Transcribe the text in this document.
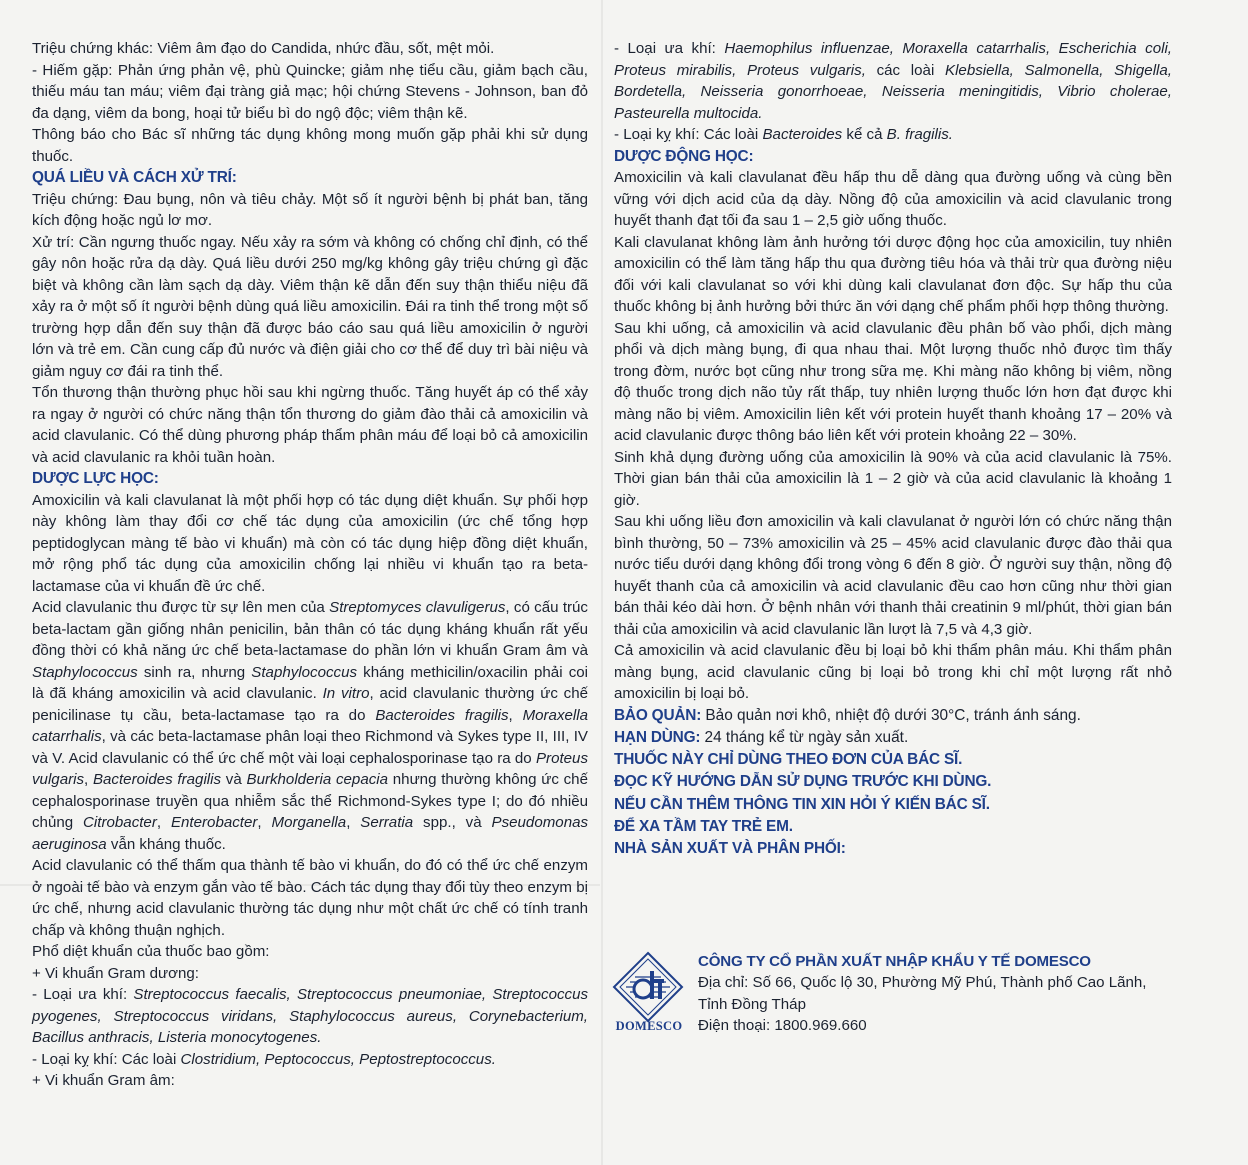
Triệu chứng khác: Viêm âm đạo do Candida, nhức đầu, sốt, mệt mỏi.

- Hiếm gặp: Phản ứng phản vệ, phù Quincke; giảm nhẹ tiểu cầu, giảm bạch cầu, thiếu máu tan máu; viêm đại tràng giả mạc; hội chứng Stevens - Johnson, ban đỏ đa dạng, viêm da bong, hoại tử biểu bì do ngộ độc; viêm thận kẽ.

Thông báo cho Bác sĩ những tác dụng không mong muốn gặp phải khi sử dụng thuốc.

QUÁ LIỀU VÀ CÁCH XỬ TRÍ:

Triệu chứng: Đau bụng, nôn và tiêu chảy. Một số ít người bệnh bị phát ban, tăng kích động hoặc ngủ lơ mơ.

Xử trí: Cần ngưng thuốc ngay. Nếu xảy ra sớm và không có chống chỉ định, có thể gây nôn hoặc rửa dạ dày. Quá liều dưới 250 mg/kg không gây triệu chứng gì đặc biệt và không cần làm sạch dạ dày. Viêm thận kẽ dẫn đến suy thận thiểu niệu đã xảy ra ở một số ít người bệnh dùng quá liều amoxicilin. Đái ra tinh thể trong một số trường hợp dẫn đến suy thận đã được báo cáo sau quá liều amoxicilin ở người lớn và trẻ em. Cần cung cấp đủ nước và điện giải cho cơ thể để duy trì bài niệu và giảm nguy cơ đái ra tinh thể.

Tổn thương thận thường phục hồi sau khi ngừng thuốc. Tăng huyết áp có thể xảy ra ngay ở người có chức năng thận tổn thương do giảm đào thải cả amoxicilin và acid clavulanic. Có thể dùng phương pháp thẩm phân máu để loại bỏ cả amoxicilin và acid clavulanic ra khỏi tuần hoàn.

DƯỢC LỰC HỌC:

Amoxicilin và kali clavulanat là một phối hợp có tác dụng diệt khuẩn. Sự phối hợp này không làm thay đổi cơ chế tác dụng của amoxicilin (ức chế tổng hợp peptidoglycan màng tế bào vi khuẩn) mà còn có tác dụng hiệp đồng diệt khuẩn, mở rộng phổ tác dụng của amoxicilin chống lại nhiều vi khuẩn tạo ra beta-lactamase của vi khuẩn đề ức chế.

Acid clavulanic thu được từ sự lên men của Streptomyces clavuligerus, có cấu trúc beta-lactam gần giống nhân penicilin, bản thân có tác dụng kháng khuẩn rất yếu đồng thời có khả năng ức chế beta-lactamase do phần lớn vi khuẩn Gram âm và Staphylococcus sinh ra, nhưng Staphylococcus kháng methicilin/oxacilin phải coi là đã kháng amoxicilin và acid clavulanic. In vitro, acid clavulanic thường ức chế penicilinase tụ cầu, beta-lactamase tạo ra do Bacteroides fragilis, Moraxella catarrhalis, và các beta-lactamase phân loại theo Richmond và Sykes type II, III, IV và V. Acid clavulanic có thể ức chế một vài loại cephalosporinase tạo ra do Proteus vulgaris, Bacteroides fragilis và Burkholderia cepacia nhưng thường không ức chế cephalosporinase truyền qua nhiễm sắc thể Richmond-Sykes type I; do đó nhiều chủng Citrobacter, Enterobacter, Morganella, Serratia spp., và Pseudomonas aeruginosa vẫn kháng thuốc.

Acid clavulanic có thể thấm qua thành tế bào vi khuẩn, do đó có thể ức chế enzym ở ngoài tế bào và enzym gắn vào tế bào. Cách tác dụng thay đổi tùy theo enzym bị ức chế, nhưng acid clavulanic thường tác dụng như một chất ức chế có tính tranh chấp và không thuận nghịch.

Phổ diệt khuẩn của thuốc bao gồm:

+ Vi khuẩn Gram dương:

- Loại ưa khí: Streptococcus faecalis, Streptococcus pneumoniae, Streptococcus pyogenes, Streptococcus viridans, Staphylococcus aureus, Corynebacterium, Bacillus anthracis, Listeria monocytogenes.

- Loại kỵ khí: Các loài Clostridium, Peptococcus, Peptostreptococcus.

+ Vi khuẩn Gram âm:

- Loại ưa khí: Haemophilus influenzae, Moraxella catarrhalis, Escherichia coli, Proteus mirabilis, Proteus vulgaris, các loài Klebsiella, Salmonella, Shigella, Bordetella, Neisseria gonorrhoeae, Neisseria meningitidis, Vibrio cholerae, Pasteurella multocida.

- Loại kỵ khí: Các loài Bacteroides kể cả B. fragilis.

DƯỢC ĐỘNG HỌC:

Amoxicilin và kali clavulanat đều hấp thu dễ dàng qua đường uống và cùng bền vững với dịch acid của dạ dày. Nồng độ của amoxicilin và acid clavulanic trong huyết thanh đạt tối đa sau 1 – 2,5 giờ uống thuốc.

Kali clavulanat không làm ảnh hưởng tới dược động học của amoxicilin, tuy nhiên amoxicilin có thể làm tăng hấp thu qua đường tiêu hóa và thải trừ qua đường niệu đối với kali clavulanat so với khi dùng kali clavulanat đơn độc. Sự hấp thu của thuốc không bị ảnh hưởng bởi thức ăn với dạng chế phẩm phối hợp thông thường.

Sau khi uống, cả amoxicilin và acid clavulanic đều phân bố vào phổi, dịch màng phổi và dịch màng bụng, đi qua nhau thai. Một lượng thuốc nhỏ được tìm thấy trong đờm, nước bọt cũng như trong sữa mẹ. Khi màng não không bị viêm, nồng độ thuốc trong dịch não tủy rất thấp, tuy nhiên lượng thuốc lớn hơn đạt được khi màng não bị viêm. Amoxicilin liên kết với protein huyết thanh khoảng 17 – 20% và acid clavulanic được thông báo liên kết với protein khoảng 22 – 30%.

Sinh khả dụng đường uống của amoxicilin là 90% và của acid clavulanic là 75%. Thời gian bán thải của amoxicilin là 1 – 2 giờ và của acid clavulanic là khoảng 1 giờ.

Sau khi uống liều đơn amoxicilin và kali clavulanat ở người lớn có chức năng thận bình thường, 50 – 73% amoxicilin và 25 – 45% acid clavulanic được đào thải qua nước tiểu dưới dạng không đổi trong vòng 6 đến 8 giờ. Ở người suy thận, nồng độ huyết thanh của cả amoxicilin và acid clavulanic đều cao hơn cũng như thời gian bán thải kéo dài hơn. Ở bệnh nhân với thanh thải creatinin 9 ml/phút, thời gian bán thải của amoxicilin và acid clavulanic lần lượt là 7,5 và 4,3 giờ.

Cả amoxicilin và acid clavulanic đều bị loại bỏ khi thẩm phân máu. Khi thẩm phân màng bụng, acid clavulanic cũng bị loại bỏ trong khi chỉ một lượng rất nhỏ amoxicilin bị loại bỏ.

BẢO QUẢN: Bảo quản nơi khô, nhiệt độ dưới 30°C, tránh ánh sáng.
HẠN DÙNG: 24 tháng kể từ ngày sản xuất.
THUỐC NÀY CHỈ DÙNG THEO ĐƠN CỦA BÁC SĨ.
ĐỌC KỸ HƯỚNG DẪN SỬ DỤNG TRƯỚC KHI DÙNG.
NẾU CẦN THÊM THÔNG TIN XIN HỎI Ý KIẾN BÁC SĨ.
ĐỂ XA TẦM TAY TRẺ EM.
NHÀ SẢN XUẤT VÀ PHÂN PHỐI:
DOMESCO
CÔNG TY CỔ PHẦN XUẤT NHẬP KHẨU Y TẾ DOMESCO
Địa chỉ: Số 66, Quốc lộ 30, Phường Mỹ Phú, Thành phố Cao Lãnh,
Tỉnh Đồng Tháp
Điện thoại: 1800.969.660
